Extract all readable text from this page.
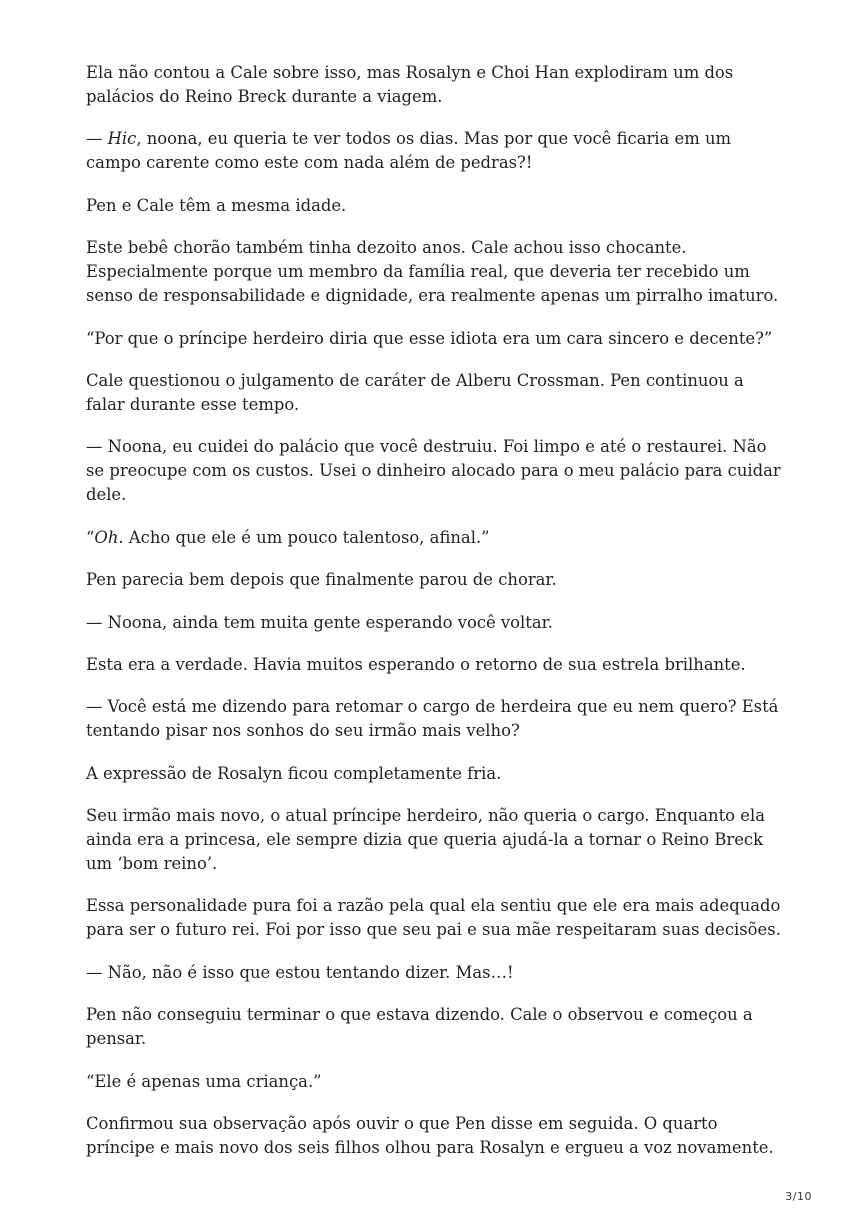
Ela não contou a Cale sobre isso, mas Rosalyn e Choi Han explodiram um dos palácios do Reino Breck durante a viagem.

— Hic, noona, eu queria te ver todos os dias. Mas por que você ficaria em um campo carente como este com nada além de pedras?!

Pen e Cale têm a mesma idade.

Este bebê chorão também tinha dezoito anos. Cale achou isso chocante. Especialmente porque um membro da família real, que deveria ter recebido um senso de responsabilidade e dignidade, era realmente apenas um pirralho imaturo.

“Por que o príncipe herdeiro diria que esse idiota era um cara sincero e decente?”

Cale questionou o julgamento de caráter de Alberu Crossman. Pen continuou a falar durante esse tempo.

— Noona, eu cuidei do palácio que você destruiu. Foi limpo e até o restaurei. Não se preocupe com os custos. Usei o dinheiro alocado para o meu palácio para cuidar dele.

“Oh. Acho que ele é um pouco talentoso, afinal.”

Pen parecia bem depois que finalmente parou de chorar.

— Noona, ainda tem muita gente esperando você voltar.

Esta era a verdade. Havia muitos esperando o retorno de sua estrela brilhante.

— Você está me dizendo para retomar o cargo de herdeira que eu nem quero? Está tentando pisar nos sonhos do seu irmão mais velho?

A expressão de Rosalyn ficou completamente fria.

Seu irmão mais novo, o atual príncipe herdeiro, não queria o cargo. Enquanto ela ainda era a princesa, ele sempre dizia que queria ajudá-la a tornar o Reino Breck um ‘bom reino’.

Essa personalidade pura foi a razão pela qual ela sentiu que ele era mais adequado para ser o futuro rei. Foi por isso que seu pai e sua mãe respeitaram suas decisões.

— Não, não é isso que estou tentando dizer. Mas…!

Pen não conseguiu terminar o que estava dizendo. Cale o observou e começou a pensar.

“Ele é apenas uma criança.”

Confirmou sua observação após ouvir o que Pen disse em seguida. O quarto príncipe e mais novo dos seis filhos olhou para Rosalyn e ergueu a voz novamente.

3/10
